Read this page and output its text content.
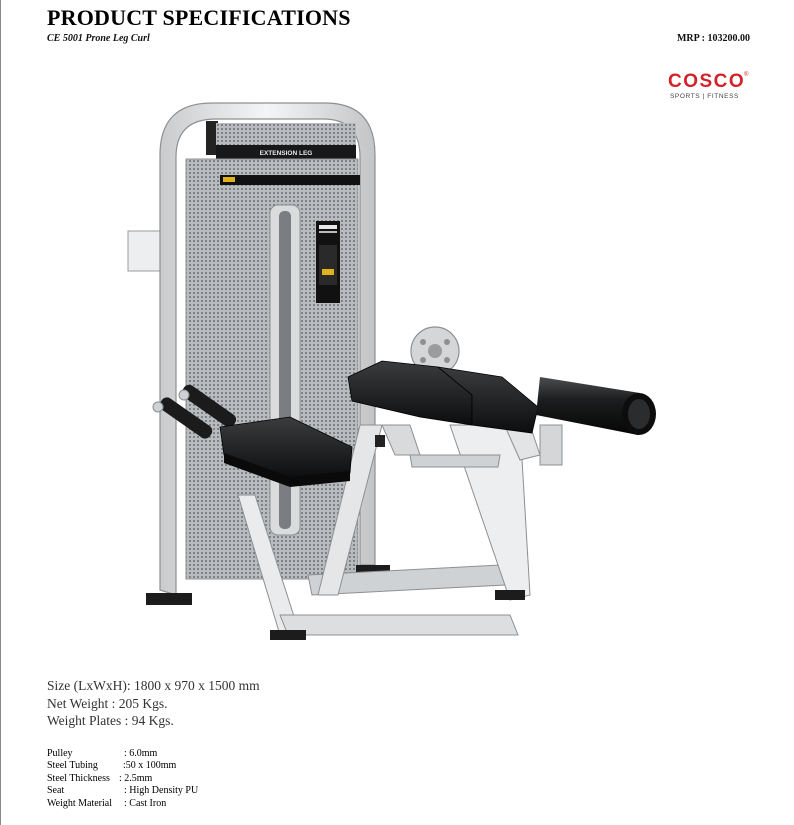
PRODUCT SPECIFICATIONS
CE 5001 Prone Leg Curl	MRP : 103200.00
COSCO
®
SPORTS | FITNESS
EXTENSION LEG
Size (LxWxH): 1800 x 970 x 1500 mm
Net Weight : 205 Kgs.
Weight Plates : 94 Kgs.
Pulley	: 6.0mm
Steel Tubing	:50 x 100mm
Steel Thickness : 2.5mm
Seat	: High Density PU
Weight Material : Cast Iron
